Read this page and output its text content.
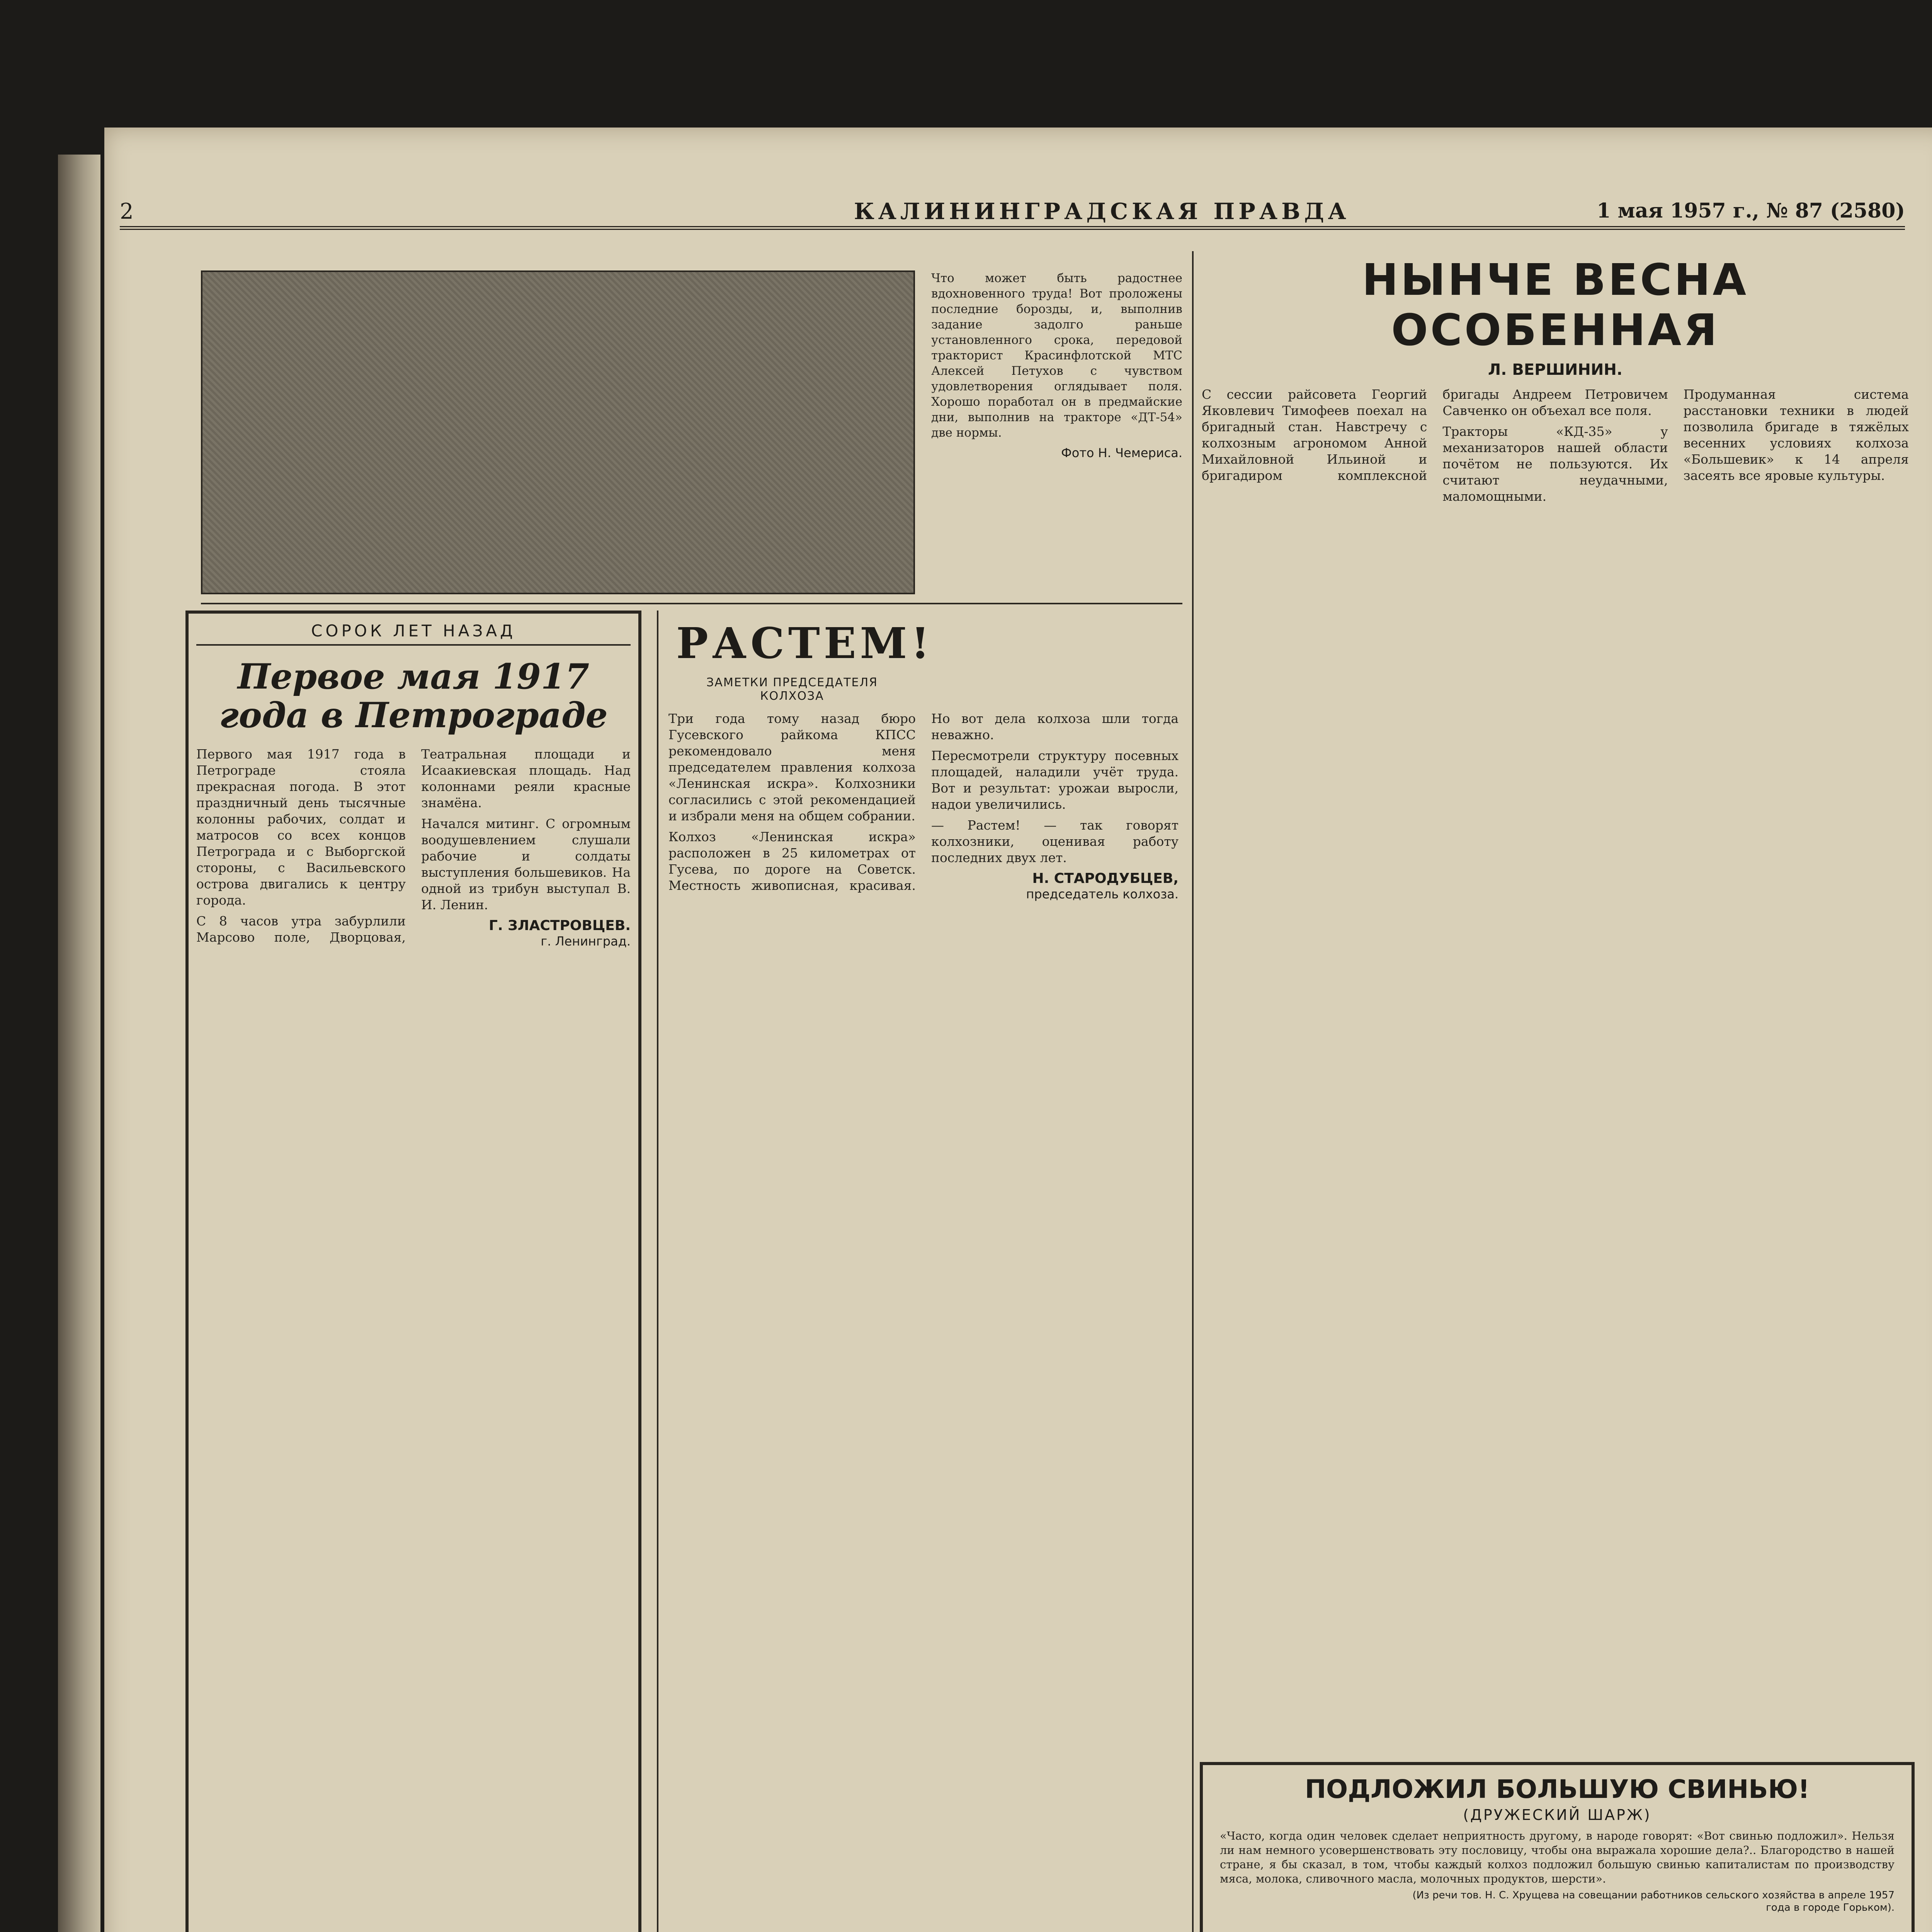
2	КАЛИНИНГРАДСКАЯ ПРАВДА	1 мая 1957 г., № 87 (2580)

Что может быть радостнее вдохновенного труда! Вот проложены последние борозды, и, выполнив задание задолго раньше установленного срока, передовой тракторист Красинфлотской МТС Алексей Петухов с чувством удовлетворения оглядывает поля. Хорошо поработал он в предмайские дни, выполнив на тракторе «ДТ-54» две нормы.

Фото Н. Чемериса.

СОРОК ЛЕТ НАЗАД
Первое мая 1917 года в Петрограде

Первого мая 1917 года в Петрограде стояла прекрасная погода. В этот праздничный день тысячные колонны рабочих, солдат и матросов со всех концов Петрограда и с Выборгской стороны, с Васильевского острова двигались к центру города.

С 8 часов утра забурлили Марсово поле, Дворцовая, Театральная площади и Исаакиевская площадь. Над колоннами реяли красные знамёна.

Начался митинг. С огромным воодушевлением слушали рабочие и солдаты выступления большевиков. На одной из трибун выступал В. И. Ленин.

Г. ЗЛАСТРОВЦЕВ.
г. Ленинград.

РАСТЕМ!
ЗАМЕТКИ ПРЕДСЕДАТЕЛЯ КОЛХОЗА

Три года тому назад бюро Гусевского райкома КПСС рекомендовало меня председателем правления колхоза «Ленинская искра». Колхозники согласились с этой рекомендацией и избрали меня на общем собрании.

Колхоз «Ленинская искра» расположен в 25 километрах от Гусева, по дороге на Советск. Местность живописная, красивая. Но вот дела колхоза шли тогда неважно.

Пересмотрели структуру посевных площадей, наладили учёт труда. Вот и результат: урожаи выросли, надои увеличились.

— Растем! — так говорят колхозники, оценивая работу последних двух лет.

Н. СТАРОДУБЦЕВ,
председатель колхоза.

НЫНЧЕ ВЕСНА ОСОБЕННАЯ
Л. ВЕРШИНИН.

С сессии райсовета Георгий Яковлевич Тимофеев поехал на бригадный стан. Навстречу с колхозным агрономом Анной Михайловной Ильиной и бригадиром комплексной бригады Андреем Петровичем Савченко он объехал все поля.

Тракторы «КД-35» у механизаторов нашей области почётом не пользуются. Их считают неудачными, маломощными.

Продуманная система расстановки техники в людей позволила бригаде в тяжёлых весенних условиях колхоза «Большевик» к 14 апреля засеять все яровые культуры.

ПОДЛОЖИЛ БОЛЬШУЮ СВИНЬЮ!
(ДРУЖЕСКИЙ ШАРЖ)

«Часто, когда один человек сделает неприятность другому, в народе говорят: «Вот свинью подложил». Нельзя ли нам немного усовершенствовать эту пословицу, чтобы она выражала хорошие дела?.. Благородство в нашей стране, я бы сказал, в том, чтобы каждый колхоз подложил большую свинью капиталистам по производству мяса, молока, сливочного масла, молочных продуктов, шерсти».

(Из речи тов. Н. С. Хрущева на совещании работников сельского хозяйства в апреле 1957 года в городе Горьком).
